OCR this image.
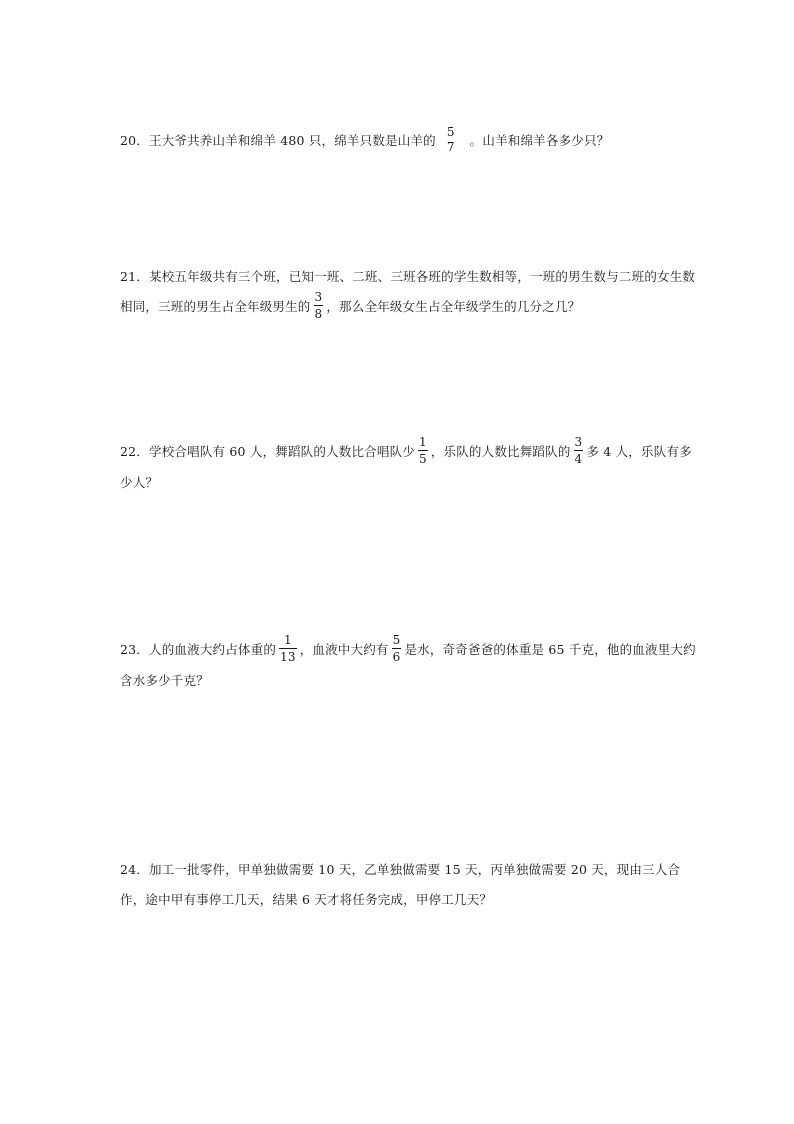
20．王大爷共养山羊和绵羊 480 只，绵羊只数是山羊的
5
7 。山羊和绵羊各多少只？
21．某校五年级共有三个班，已知一班、二班、三班各班的学生数相等，一班的男生数与二班的女生数相同，三班的男生占全年级男生的 $\frac{3}{8}$ ，那么全年级女生占全年级学生的几分之几？
22．学校合唱队有 60 人，舞蹈队的人数比合唱队少 $\frac{1}{5}$ ，乐队的人数比舞蹈队的 $\frac{3}{4}$ 多 4 人，乐队有多少人？
23．人的血液大约占体重的 $\frac{1}{13}$ ，血液中大约有 $\frac{5}{6}$ 是水，奇奇爸爸的体重是 65 千克，他的血液里大约含水多少千克？
24．加工一批零件，甲单独做需要 10 天，乙单独做需要 15 天，丙单独做需要 20 天，现由三人合作，途中甲有事停工几天，结果 6 天才将任务完成，甲停工几天？
